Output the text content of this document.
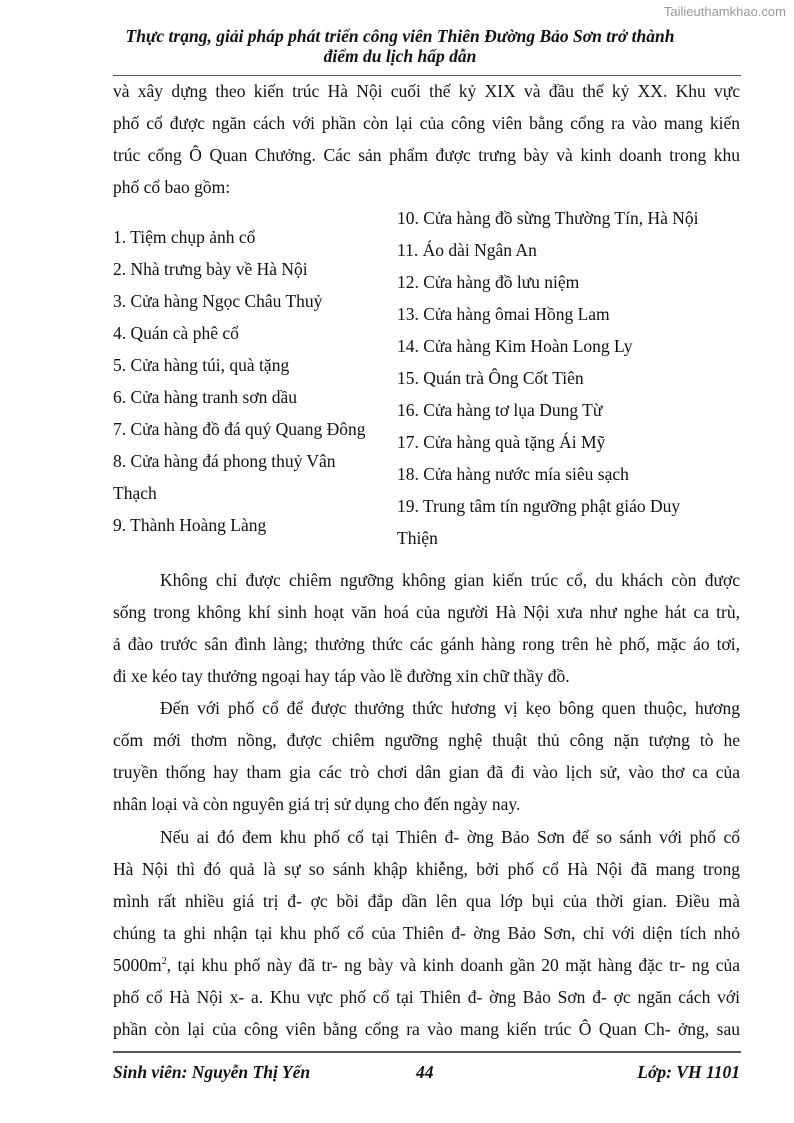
Tailieuthamkhao.com
Thực trạng, giải pháp phát triển công viên Thiên Đường Bảo Sơn trở thành
điểm du lịch hấp dẫn
và xây dựng theo kiến trúc Hà Nội cuối thế kỷ XIX và đầu thế kỷ XX. Khu vực
phố cổ được ngăn cách với phần còn lại của công viên bằng cổng ra vào mang kiến
trúc cổng Ô Quan Chưởng. Các sản phẩm được trưng bày và kinh doanh trong khu
phố cổ bao gồm:
1. Tiệm chụp ảnh cổ
2. Nhà trưng bày về Hà Nội
3. Cửa hàng Ngọc Châu Thuỷ
4. Quán cà phê cổ
5. Cửa hàng túi, quà tặng
6. Cửa hàng tranh sơn dầu
7. Cửa hàng đồ đá quý Quang Đông
8. Cửa hàng đá phong thuỷ Vân
Thạch
9. Thành Hoàng Làng
10. Cửa hàng đồ sừng Thường Tín, Hà Nội
11. Áo dài Ngân An
12. Cửa hàng đồ lưu niệm
13. Cửa hàng ômai Hồng Lam
14. Cửa hàng Kim Hoàn Long Ly
15. Quán trà Ông Cốt Tiên
16. Cửa hàng tơ lụa Dung Từ
17. Cửa hàng quà tặng Ái Mỹ
18. Cửa hàng nước mía siêu sạch
19. Trung tâm tín ngưỡng phật giáo Duy
Thiện
Không chỉ được chiêm ngưỡng không gian kiến trúc cổ, du khách còn được
sống trong không khí sinh hoạt văn hoá của người Hà Nội xưa như nghe hát ca trù,
ả đào trước sân đình làng; thưởng thức các gánh hàng rong trên hè phố, mặc áo tơi,
đi xe kéo tay thưởng ngoại hay táp vào lề đường xin chữ thầy đồ.
Đến với phố cổ để được thưởng thức hương vị kẹo bông quen thuộc, hương
cốm mới thơm nồng, được chiêm ngưỡng nghệ thuật thủ công nặn tượng tò he
truyền thống hay tham gia các trò chơi dân gian đã đi vào lịch sử, vào thơ ca của
nhân loại và còn nguyên giá trị sử dụng cho đến ngày nay.
Nếu ai đó đem khu phố cổ tại Thiên đ- ờng Bảo Sơn để so sánh với phố cổ
Hà Nội thì đó quả là sự so sánh khập khiễng, bởi phố cổ Hà Nội đã mang trong
mình rất nhiều giá trị đ- ợc bồi đắp dần lên qua lớp bụi của thời gian. Điều mà
chúng ta ghi nhận tại khu phố cổ của Thiên đ- ờng Bảo Sơn, chỉ với diện tích nhỏ
$5000m^2$, tại khu phố này đã tr- ng bày và kinh doanh gần 20 mặt hàng đặc tr- ng của
phố cổ Hà Nội x- a. Khu vực phố cổ tại Thiên đ- ờng Bảo Sơn đ- ợc ngăn cách với
phần còn lại của công viên bằng cổng ra vào mang kiến trúc Ô Quan Ch- ởng, sau
Sinh viên: Nguyễn Thị Yến	44	Lớp: VH 1101
